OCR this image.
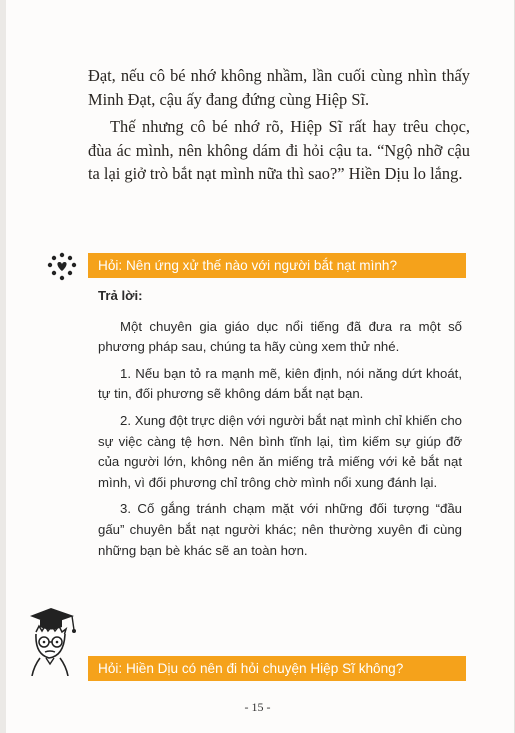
Đạt, nếu cô bé nhớ không nhầm, lần cuối cùng nhìn thấy Minh Đạt, cậu ấy đang đứng cùng Hiệp Sĩ.

Thế nhưng cô bé nhớ rõ, Hiệp Sĩ rất hay trêu chọc, đùa ác mình, nên không dám đi hỏi cậu ta. “Ngộ nhỡ cậu ta lại giở trò bắt nạt mình nữa thì sao?” Hiền Dịu lo lắng.

Hỏi: Nên ứng xử thế nào với người bắt nạt mình?
Trả lời:

Một chuyên gia giáo dục nổi tiếng đã đưa ra một số phương pháp sau, chúng ta hãy cùng xem thử nhé.

1. Nếu bạn tỏ ra mạnh mẽ, kiên định, nói năng dứt khoát, tự tin, đối phương sẽ không dám bắt nạt bạn.

2. Xung đột trực diện với người bắt nạt mình chỉ khiến cho sự việc càng tệ hơn. Nên bình tĩnh lại, tìm kiếm sự giúp đỡ của người lớn, không nên ăn miếng trả miếng với kẻ bắt nạt mình, vì đối phương chỉ trông chờ mình nổi xung đánh lại.

3. Cố gắng tránh chạm mặt với những đối tượng “đầu gấu” chuyên bắt nạt người khác; nên thường xuyên đi cùng những bạn bè khác sẽ an toàn hơn.

Hỏi: Hiền Dịu có nên đi hỏi chuyện Hiệp Sĩ không?
- 15 -
